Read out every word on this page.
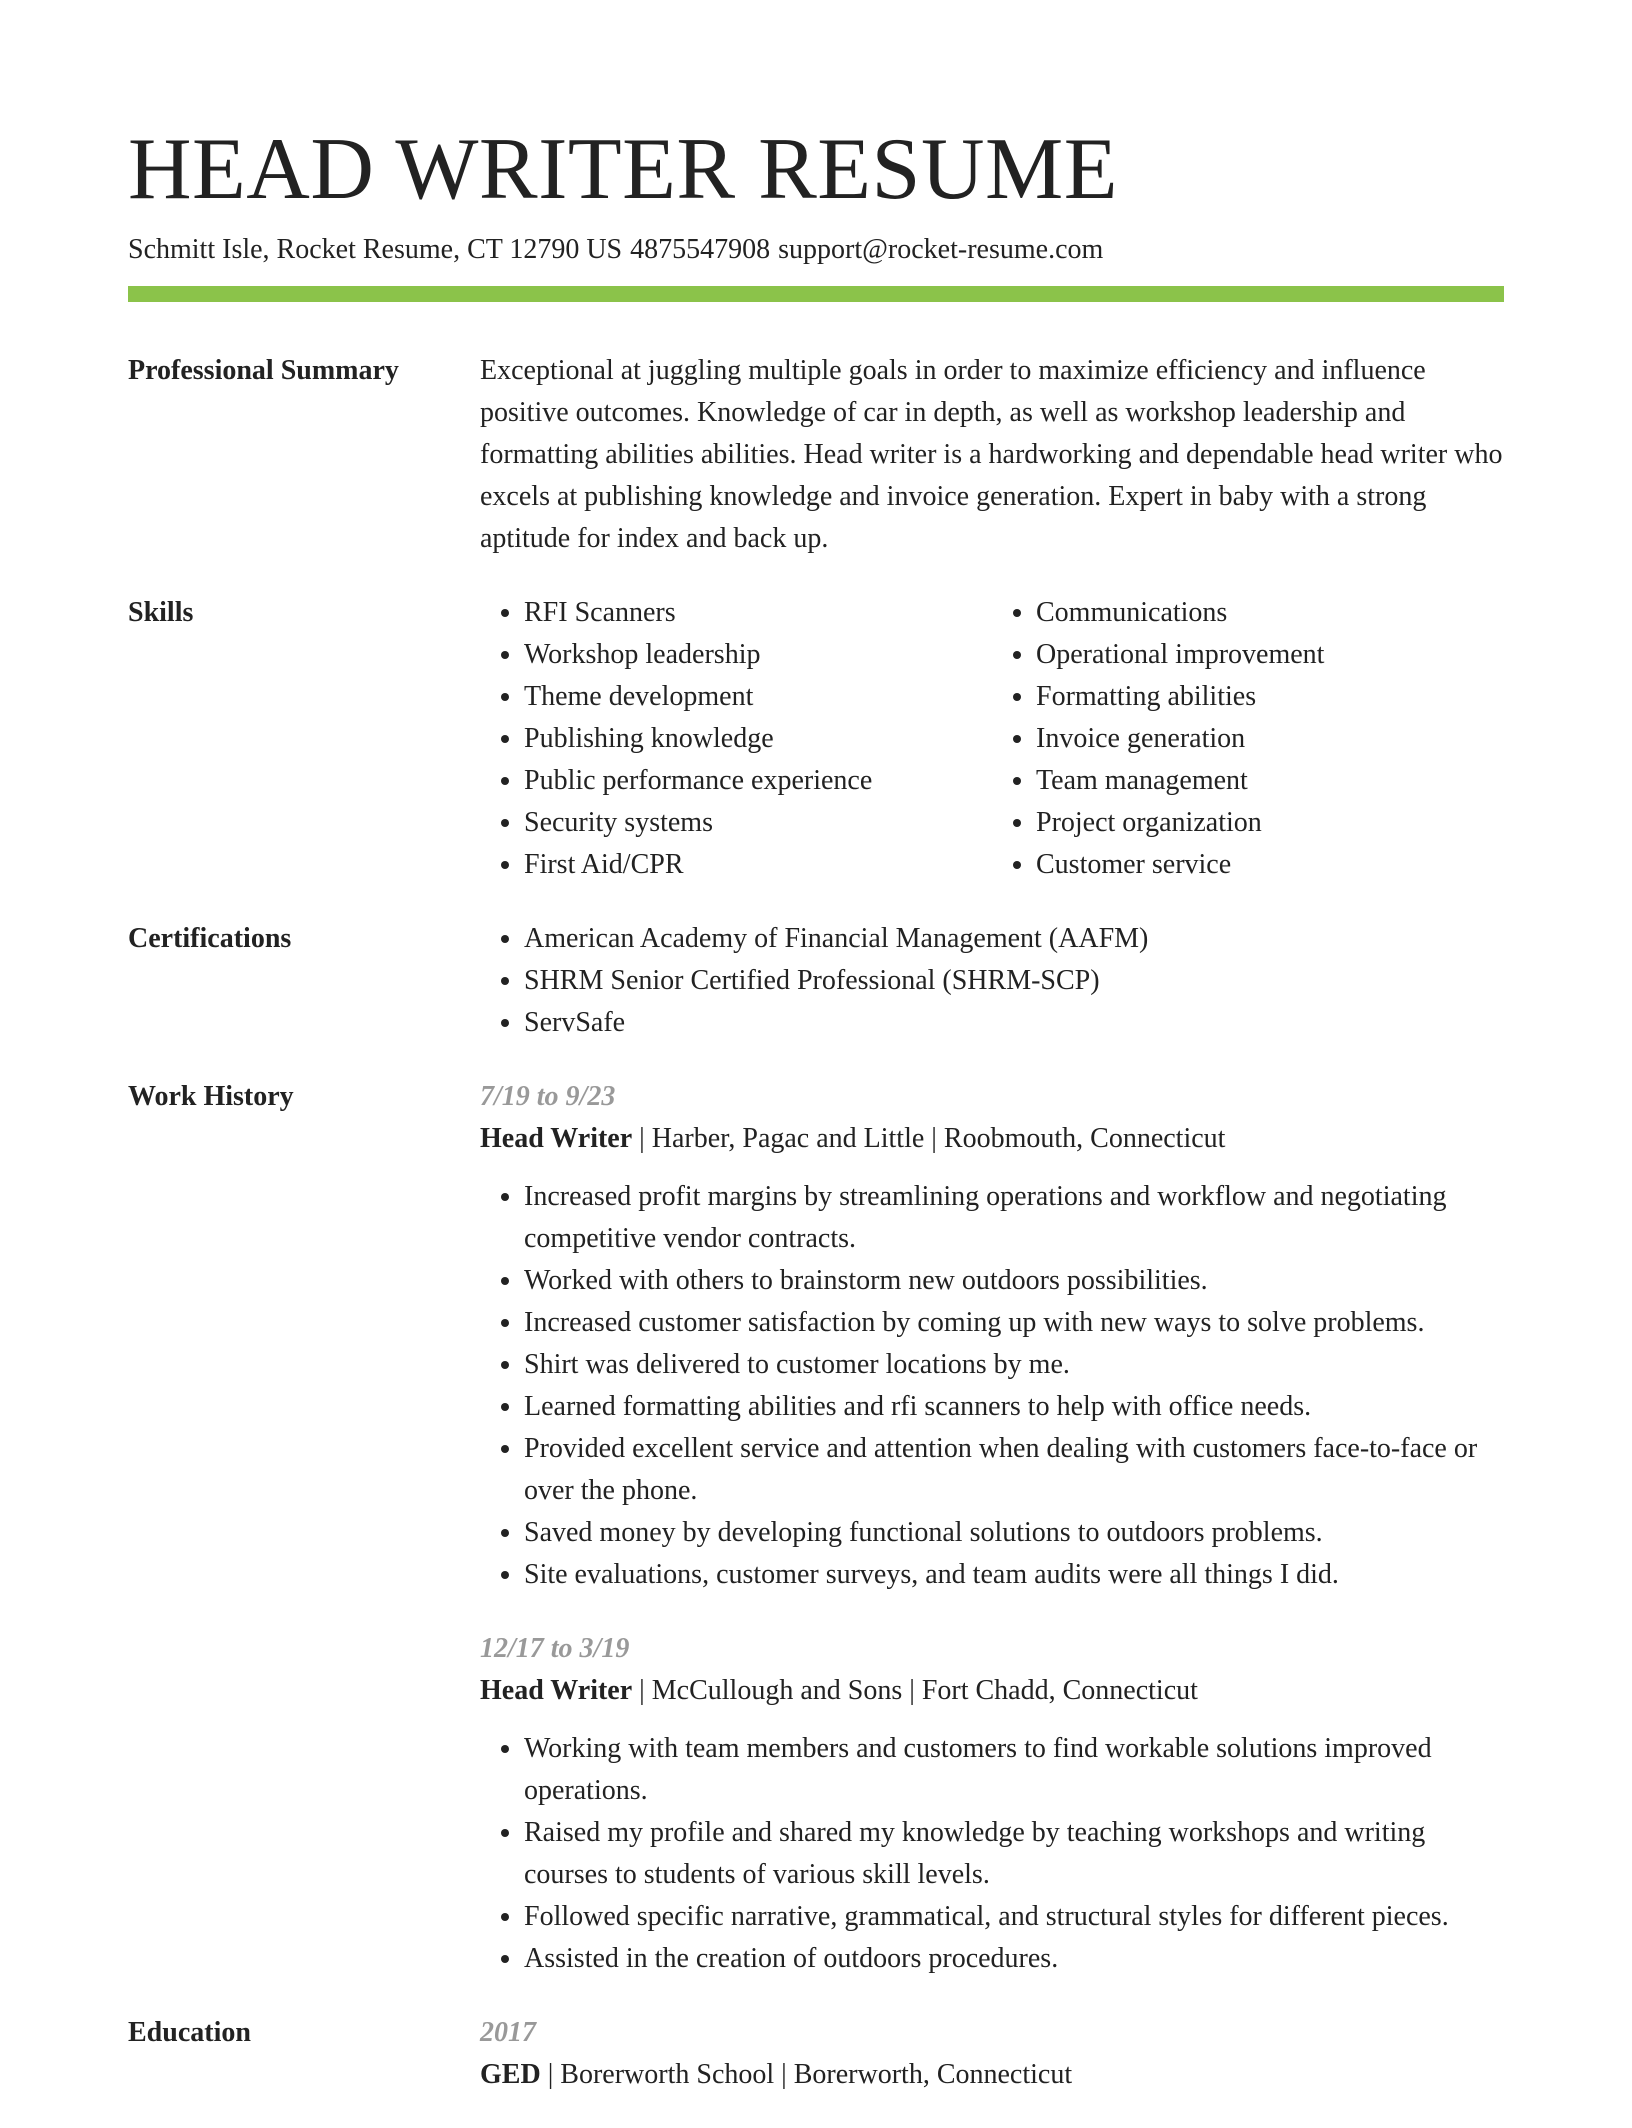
HEAD WRITER RESUME
Schmitt Isle, Rocket Resume, CT 12790 US 4875547908 support@rocket-resume.com
Professional Summary	Exceptional at juggling multiple goals in order to maximize efficiency and influence positive outcomes. Knowledge of car in depth, as well as workshop leadership and formatting abilities abilities. Head writer is a hardworking and dependable head writer who excels at publishing knowledge and invoice generation. Expert in baby with a strong aptitude for index and back up.

Skills	• RFI Scanners
• Workshop leadership
• Theme development
• Publishing knowledge
• Public performance experience
• Security systems
• First Aid/CPR
• Communications
• Operational improvement
• Formatting abilities
• Invoice generation
• Team management
• Project organization
• Customer service
Certifications	• American Academy of Financial Management (AAFM)
• SHRM Senior Certified Professional (SHRM-SCP)
• ServSafe
Work History	7/19 to 9/23
Head Writer | Harber, Pagac and Little | Roobmouth, Connecticut
• Increased profit margins by streamlining operations and workflow and negotiating competitive vendor contracts.
• Worked with others to brainstorm new outdoors possibilities.
• Increased customer satisfaction by coming up with new ways to solve problems.
• Shirt was delivered to customer locations by me.
• Learned formatting abilities and rfi scanners to help with office needs.
• Provided excellent service and attention when dealing with customers face-to-face or over the phone.
• Saved money by developing functional solutions to outdoors problems.
• Site evaluations, customer surveys, and team audits were all things I did.
12/17 to 3/19
Head Writer | McCullough and Sons | Fort Chadd, Connecticut
• Working with team members and customers to find workable solutions improved operations.
• Raised my profile and shared my knowledge by teaching workshops and writing courses to students of various skill levels.
• Followed specific narrative, grammatical, and structural styles for different pieces.
• Assisted in the creation of outdoors procedures.
Education	2017
GED | Borerworth School | Borerworth, Connecticut
